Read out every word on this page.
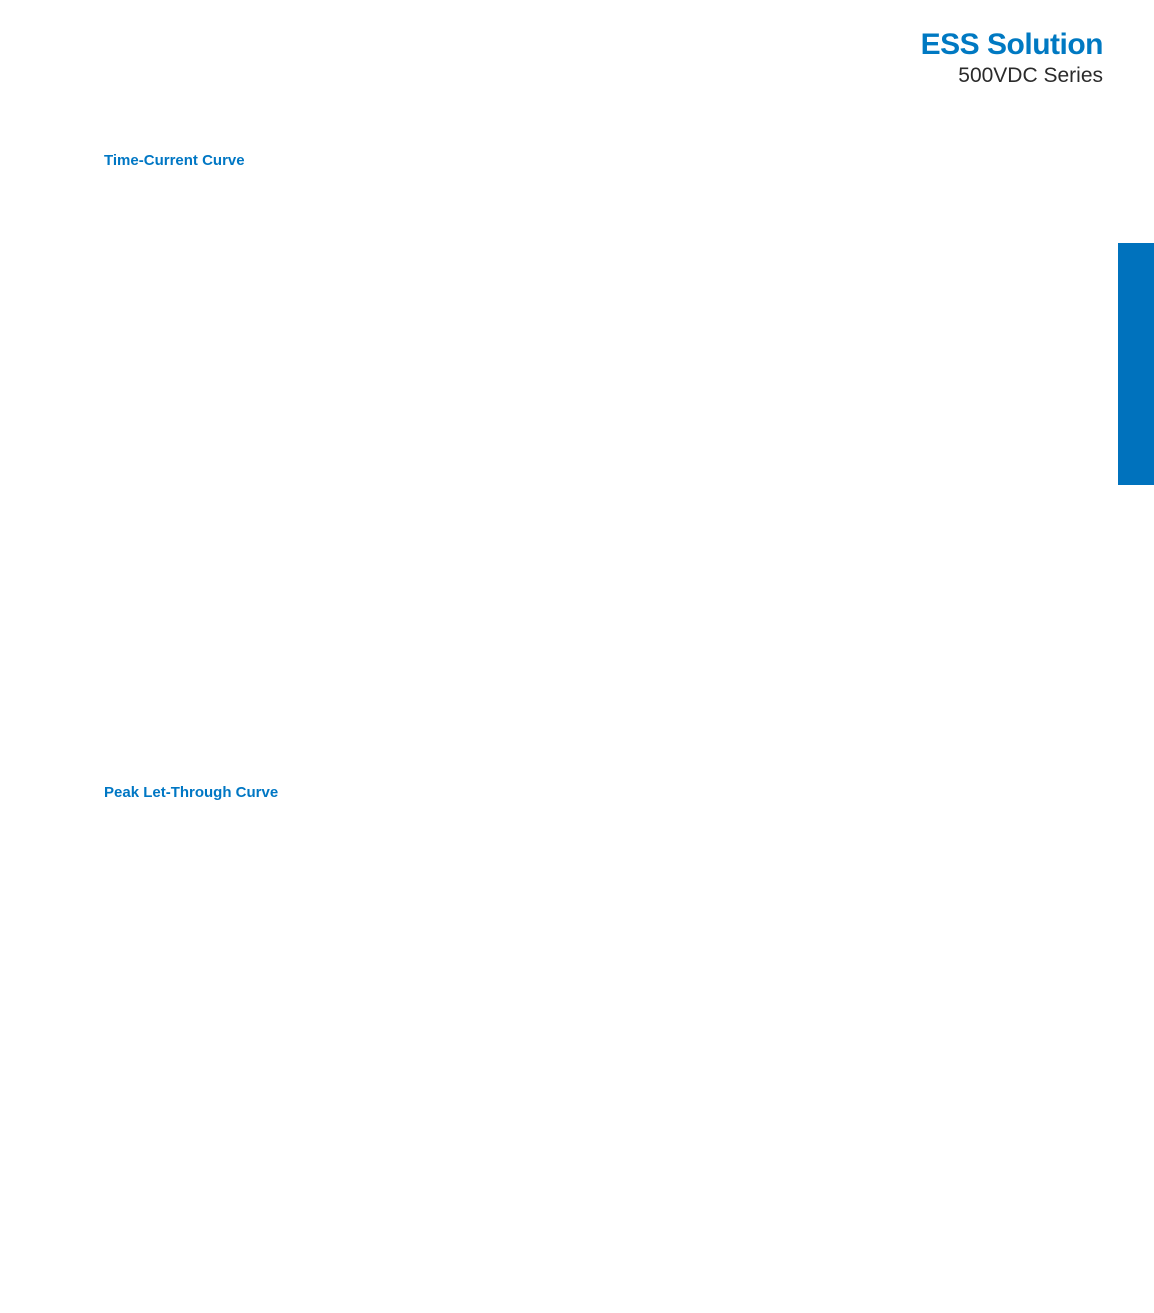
ESS Solution
500VDC Series
Time-Current Curve
Peak Let-Through Curve
